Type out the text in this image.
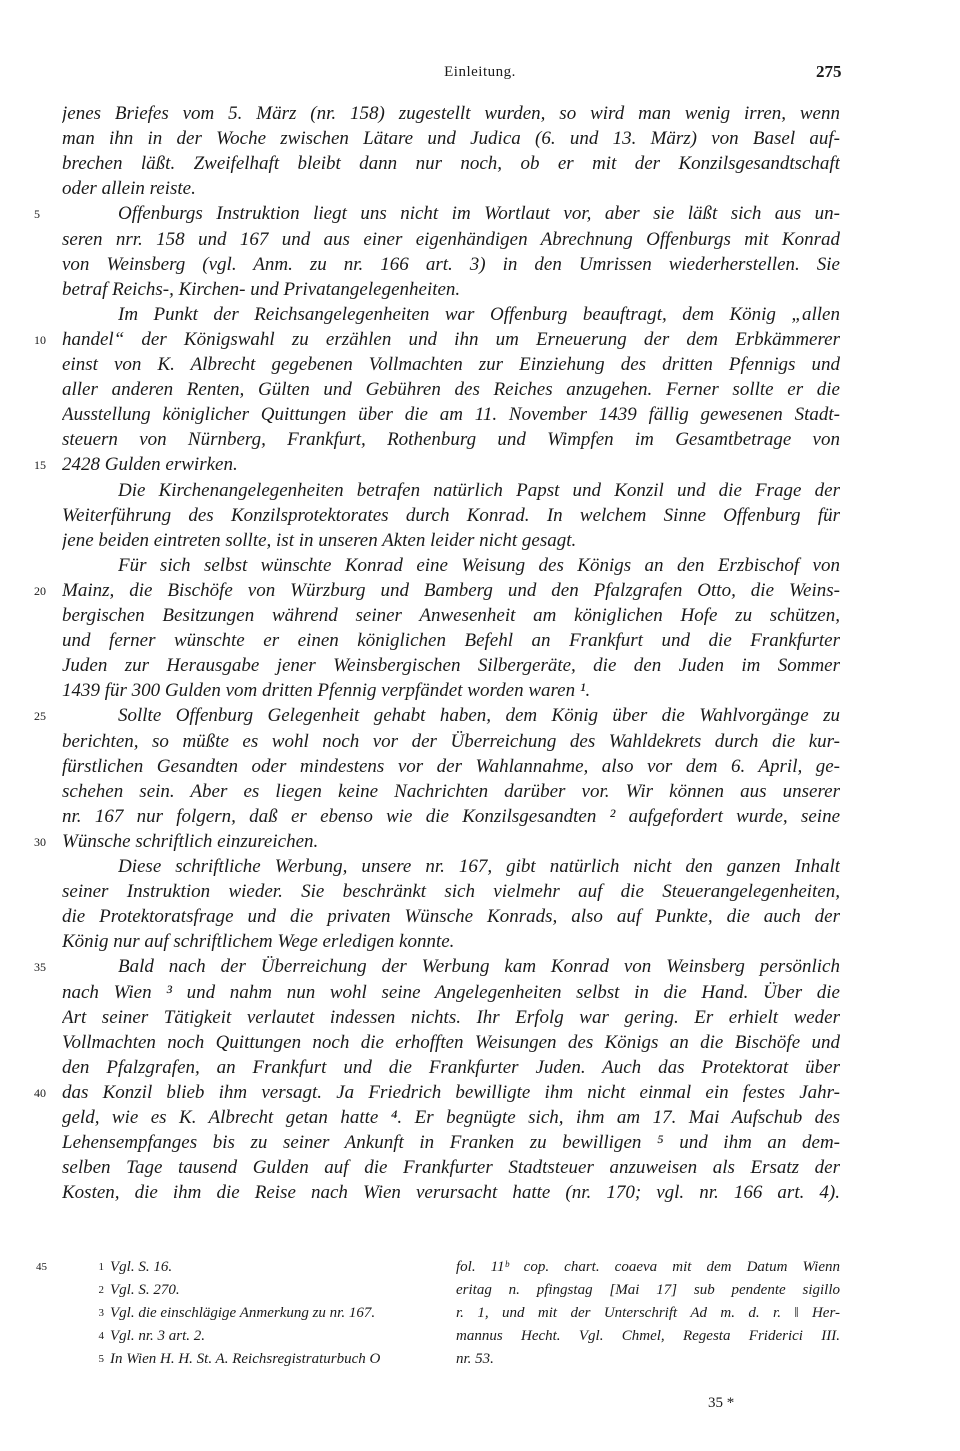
Einleitung.	275
jenes Briefes vom 5. März (nr. 158) zugestellt wurden, so wird man wenig irren, wenn
man ihn in der Woche zwischen Lätare und Judica (6. und 13. März) von Basel auf-
brechen läßt. Zweifelhaft bleibt dann nur noch, ob er mit der Konzilsgesandtschaft
oder allein reiste.
5	Offenburgs Instruktion liegt uns nicht im Wortlaut vor, aber sie läßt sich aus un-
seren nrr. 158 und 167 und aus einer eigenhändigen Abrechnung Offenburgs mit Konrad
von Weinsberg (vgl. Anm. zu nr. 166 art. 3) in den Umrissen wiederherstellen. Sie
betraf Reichs-, Kirchen- und Privatangelegenheiten.
Im Punkt der Reichsangelegenheiten war Offenburg beauftragt, dem König „allen
10 handel“ der Königswahl zu erzählen und ihn um Erneuerung der dem Erbkämmerer
einst von K. Albrecht gegebenen Vollmachten zur Einziehung des dritten Pfennigs und
aller anderen Renten, Gülten und Gebühren des Reiches anzugehen. Ferner sollte er die
Ausstellung königlicher Quittungen über die am 11. November 1439 fällig gewesenen Stadt-
steuern von Nürnberg, Frankfurt, Rothenburg und Wimpfen im Gesamtbetrage von
15 2428 Gulden erwirken.
Die Kirchenangelegenheiten betrafen natürlich Papst und Konzil und die Frage der
Weiterführung des Konzilsprotektorates durch Konrad. In welchem Sinne Offenburg für
jene beiden eintreten sollte, ist in unseren Akten leider nicht gesagt.
Für sich selbst wünschte Konrad eine Weisung des Königs an den Erzbischof von
20 Mainz, die Bischöfe von Würzburg und Bamberg und den Pfalzgrafen Otto, die Weins-
bergischen Besitzungen während seiner Anwesenheit am königlichen Hofe zu schützen,
und ferner wünschte er einen königlichen Befehl an Frankfurt und die Frankfurter
Juden zur Herausgabe jener Weinsbergischen Silbergeräte, die den Juden im Sommer
1439 für 300 Gulden vom dritten Pfennig verpfändet worden waren ¹.
25	Sollte Offenburg Gelegenheit gehabt haben, dem König über die Wahlvorgänge zu
berichten, so müßte es wohl noch vor der Überreichung des Wahldekrets durch die kur-
fürstlichen Gesandten oder mindestens vor der Wahlannahme, also vor dem 6. April, ge-
schehen sein. Aber es liegen keine Nachrichten darüber vor. Wir können aus unserer
nr. 167 nur folgern, daß er ebenso wie die Konzilsgesandten ² aufgefordert wurde, seine
30 Wünsche schriftlich einzureichen.
Diese schriftliche Werbung, unsere nr. 167, gibt natürlich nicht den ganzen Inhalt
seiner Instruktion wieder. Sie beschränkt sich vielmehr auf die Steuerangelegenheiten,
die Protektoratsfrage und die privaten Wünsche Konrads, also auf Punkte, die auch der
König nur auf schriftlichem Wege erledigen konnte.
35	Bald nach der Überreichung der Werbung kam Konrad von Weinsberg persönlich
nach Wien ³ und nahm nun wohl seine Angelegenheiten selbst in die Hand. Über die
Art seiner Tätigkeit verlautet indessen nichts. Ihr Erfolg war gering. Er erhielt weder
Vollmachten noch Quittungen noch die erhofften Weisungen des Königs an die Bischöfe und
den Pfalzgrafen, an Frankfurt und die Frankfurter Juden. Auch das Protektorat über
40 das Konzil blieb ihm versagt. Ja Friedrich bewilligte ihm nicht einmal ein festes Jahr-
geld, wie es K. Albrecht getan hatte ⁴. Er begnügte sich, ihm am 17. Mai Aufschub des
Lehensempfanges bis zu seiner Ankunft in Franken zu bewilligen ⁵ und ihm an dem-
selben Tage tausend Gulden auf die Frankfurter Stadtsteuer anzuweisen als Ersatz der
Kosten, die ihm die Reise nach Wien verursacht hatte (nr. 170; vgl. nr. 166 art. 4).
45	1 Vgl. S. 16.
2 Vgl. S. 270.
3 Vgl. die einschlägige Anmerkung zu nr. 167.
4 Vgl. nr. 3 art. 2.
5 In Wien H. H. St. A. Reichsregistraturbuch O
fol. 11ᵇ cop. chart. coaeva mit dem Datum Wienn
eritag n. pfingstag [Mai 17] sub pendente sigillo
r. 1, und mit der Unterschrift Ad m. d. r. ‖ Her-
mannus Hecht. Vgl. Chmel, Regesta Friderici III.
nr. 53.
35 *
